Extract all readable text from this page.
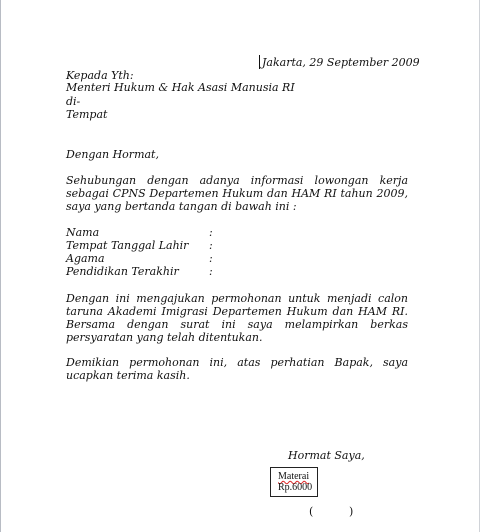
Jakarta, 29 September 2009
Kepada Yth:
Menteri Hukum & Hak Asasi Manusia RI
di-
Tempat
Dengan Hormat,
Sehubungan dengan adanya informasi lowongan kerja
sebagai CPNS Departemen Hukum dan HAM RI tahun 2009,
saya yang bertanda tangan di bawah ini :
Nama	:
Tempat Tanggal Lahir :
Agama	:
Pendidikan Terakhir	:
Dengan ini mengajukan permohonan untuk menjadi calon
taruna Akademi Imigrasi Departemen Hukum dan HAM RI.
Bersama dengan surat ini saya melampirkan berkas
persyaratan yang telah ditentukan.
Demikian permohonan ini, atas perhatian Bapak, saya
ucapkan terima kasih.
Hormat Saya,
Materai
Rp.6000
(	)
